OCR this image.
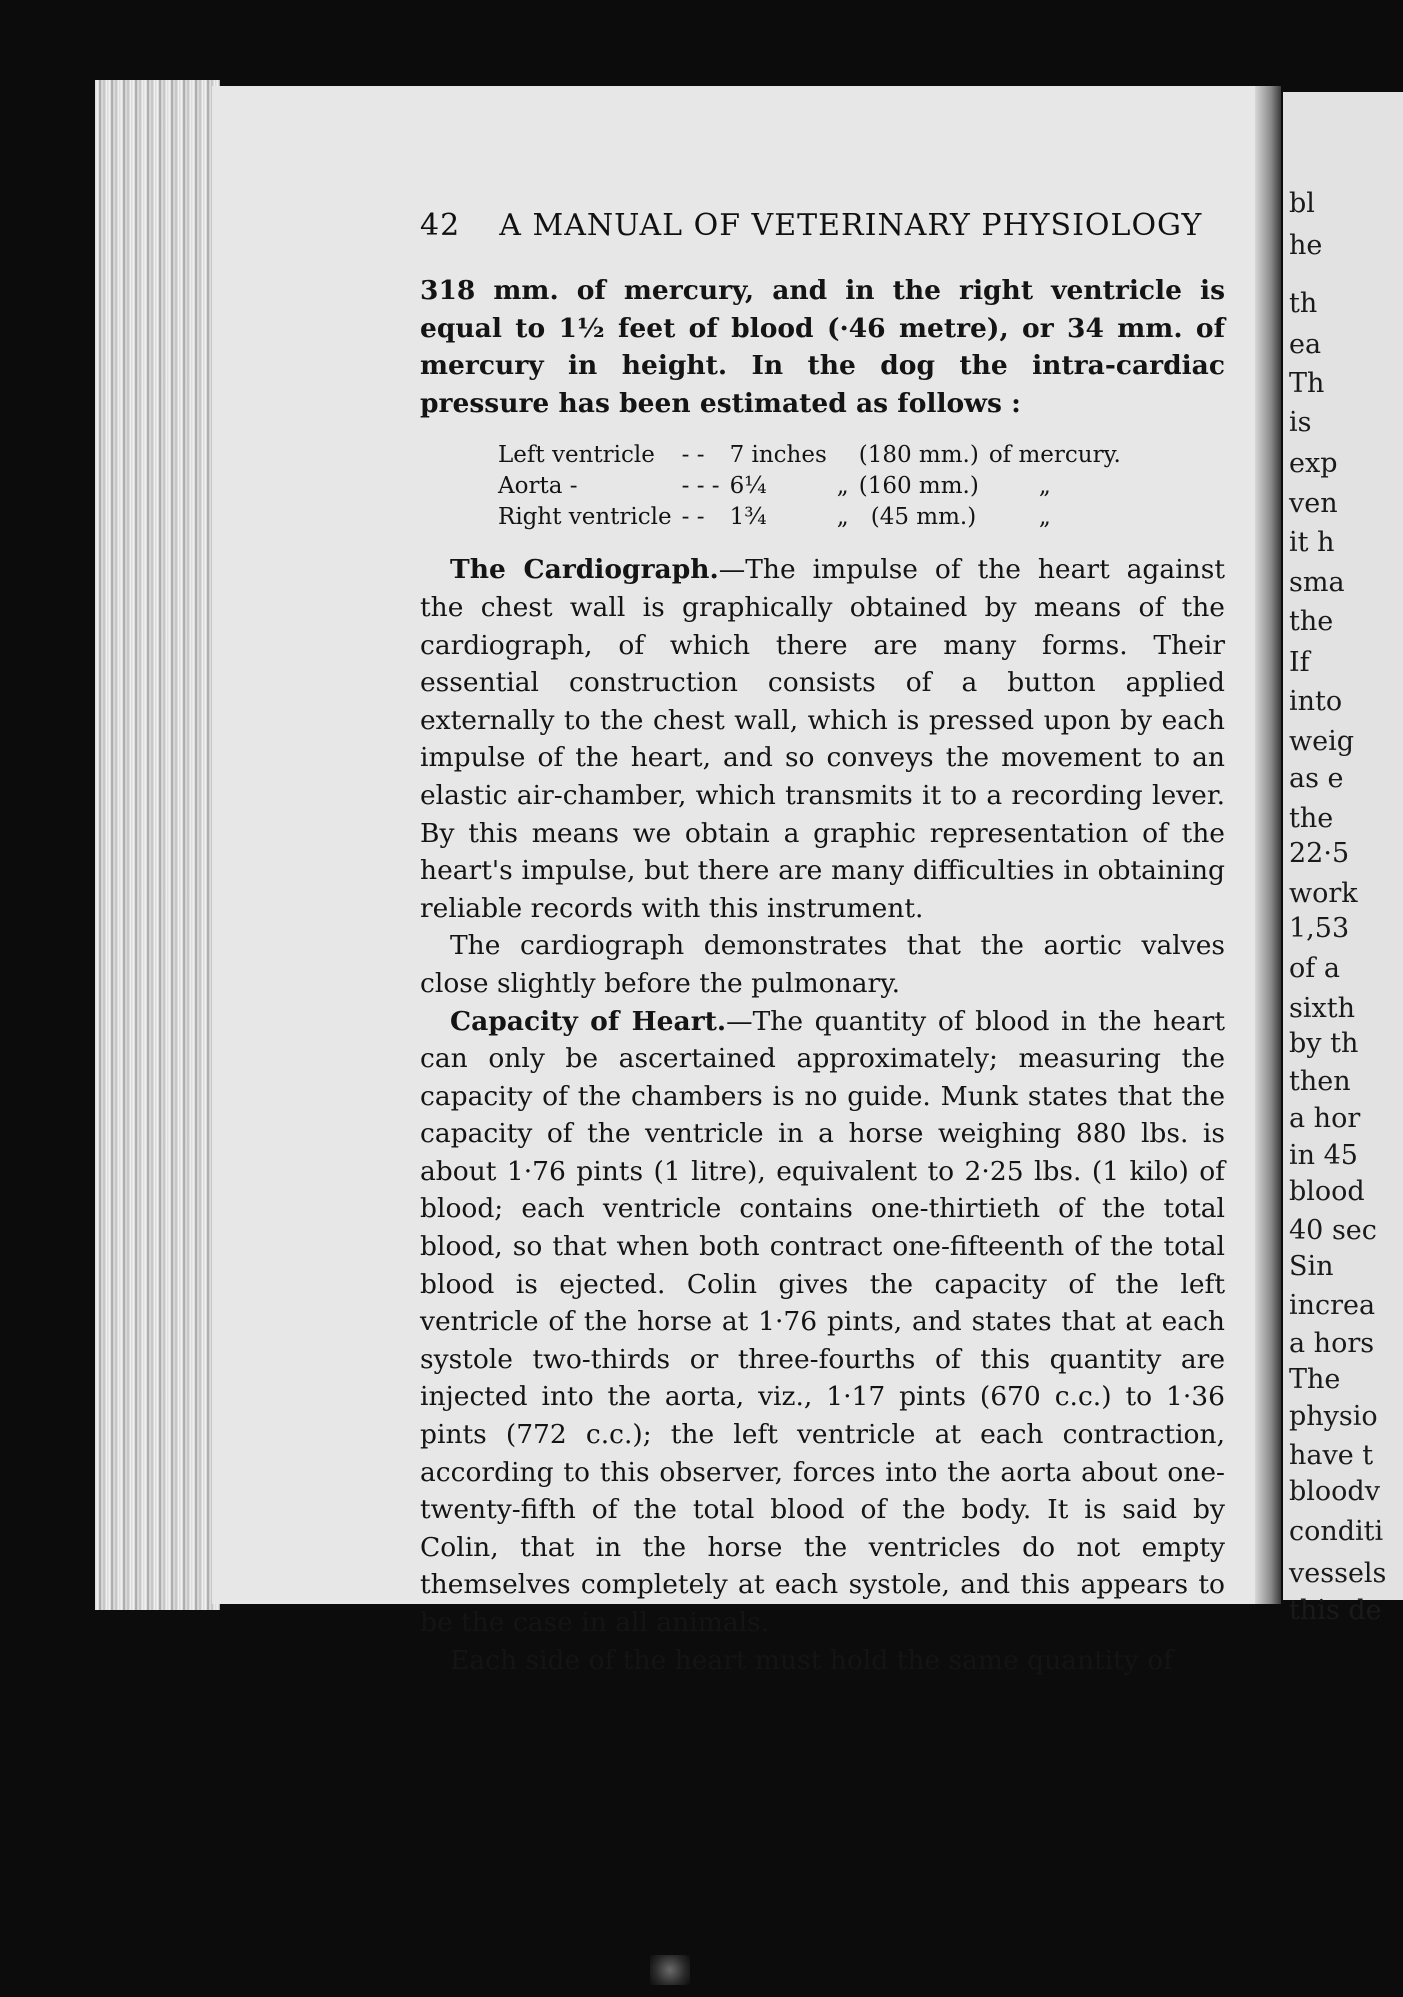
42 A MANUAL OF VETERINARY PHYSIOLOGY

318 mm. of mercury, and in the right ventricle is equal to 1½ feet of blood (·46 metre), or 34 mm. of mercury in height. In the dog the intra-cardiac pressure has been estimated as follows :

Left ventricle	- -	7 inches		(180 mm.)	of mercury.
Aorta -	- - -	6¼	„	(160 mm.)	„
Right ventricle	- -	1¾	„	(45 mm.)	„

The Cardiograph.—The impulse of the heart against the chest wall is graphically obtained by means of the cardiograph, of which there are many forms. Their essential construction consists of a button applied externally to the chest wall, which is pressed upon by each impulse of the heart, and so conveys the movement to an elastic air-chamber, which transmits it to a recording lever. By this means we obtain a graphic representation of the heart's impulse, but there are many difficulties in obtaining reliable records with this instrument.

The cardiograph demonstrates that the aortic valves close slightly before the pulmonary.

Capacity of Heart.—The quantity of blood in the heart can only be ascertained approximately; measuring the capacity of the chambers is no guide. Munk states that the capacity of the ventricle in a horse weighing 880 lbs. is about 1·76 pints (1 litre), equivalent to 2·25 lbs. (1 kilo) of blood; each ventricle contains one-thirtieth of the total blood, so that when both contract one-fifteenth of the total blood is ejected. Colin gives the capacity of the left ventricle of the horse at 1·76 pints, and states that at each systole two-thirds or three-fourths of this quantity are injected into the aorta, viz., 1·17 pints (670 c.c.) to 1·36 pints (772 c.c.); the left ventricle at each contraction, according to this observer, forces into the aorta about one-twenty-fifth of the total blood of the body. It is said by Colin, that in the horse the ventricles do not empty themselves completely at each systole, and this appears to be the case in all animals.

Each side of the heart must hold the same quantity of

bl
he
th
ea
Th
is
exp
ven
it h
sma
the
If
into
weig
as e
the
22·5
work
1,53
of a
sixth
by th
then
a hor
in 45
blood
40 sec
Sin
increa
a hors
The
physio
have t
bloodv
conditi
vessels
this de
